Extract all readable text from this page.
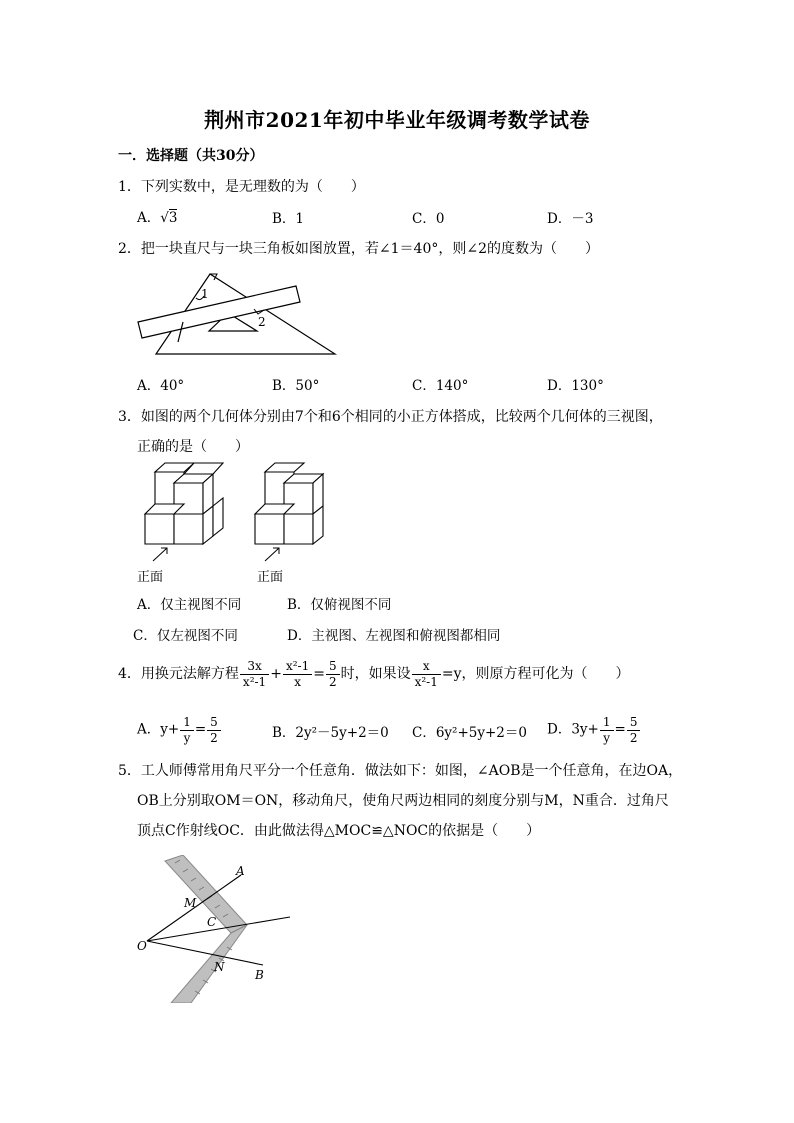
荆州市2021年初中毕业年级调考数学试卷
一．选择题（共30分）
1．下列实数中，是无理数的为（　　）
A．√3	B．1	C．0	D．－3
2．把一块直尺与一块三角板如图放置，若∠1＝40°，则∠2的度数为（　　）
1
2
A．40°	B．50°	C．140°	D．130°
3．如图的两个几何体分别由7个和6个相同的小正方体搭成，比较两个几何体的三视图，
正确的是（　　）
正面	正面
A．仅主视图不同	B．仅俯视图不同
C．仅左视图不同	D．主视图、左视图和俯视图都相同
4．用换元法解方程 $\frac{3x}{\text{x²-1}} + \frac{\text{x²-1}}{x} = \frac{5}{2}$ 时，如果设 $\frac{x}{\text{x²-1}} =y$，则原方程可化为（　　）
A．$y+ \frac{1}{y} = \frac{5}{2}$	B．2y²－5y+2＝0 C．6y²+5y+2＝0 D．$3y+ \frac{1}{y} = \frac{5}{2}$
5．工人师傅常用角尺平分一个任意角．做法如下：如图，∠AOB是一个任意角，在边OA，
OB上分别取OM＝ON，移动角尺，使角尺两边相同的刻度分别与M，N重合．过角尺
顶点C作射线OC．由此做法得△MOC≌△NOC的依据是（　　）
A
B
C
M
N
O
